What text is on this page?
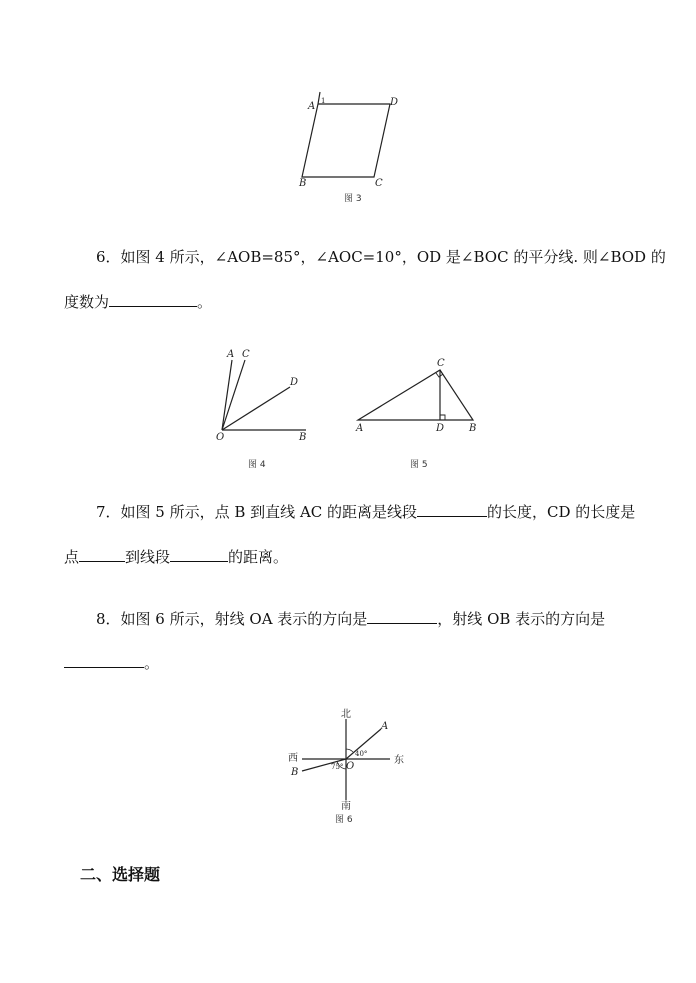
A 1	D
B	C
图 3
6．如图 4 所示，∠AOB=85°，∠AOC=10°，OD 是∠BOC 的平分线. 则∠BOD 的
度数为	。
A C
D
O	B
图 4
C
A	D B
图 5
7．如图 5 所示，点 B 到直线 AC 的距离是线段	的长度，CD 的长度是
点	到线段	的距离。
8．如图 6 所示，射线 OA 表示的方向是	，射线 OB 表示的方向是
。
北
南
东
西
A
B
O
40°
75°
图 6
二、选择题
